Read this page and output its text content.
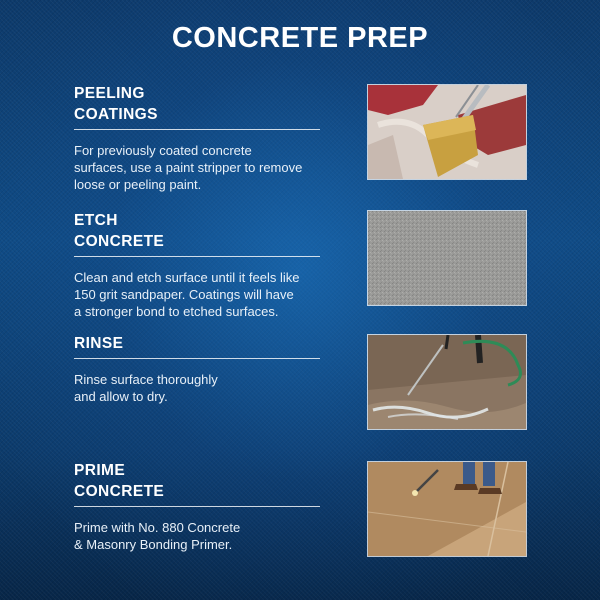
CONCRETE PREP
PEELING
COATINGS
For previously coated concrete
surfaces, use a paint stripper to remove
loose or peeling paint.
ETCH
CONCRETE
Clean and etch surface until it feels like
150 grit sandpaper. Coatings will have
a stronger bond to etched surfaces.
RINSE
Rinse surface thoroughly
and allow to dry.
PRIME
CONCRETE
Prime with No. 880 Concrete
& Masonry Bonding Primer.
